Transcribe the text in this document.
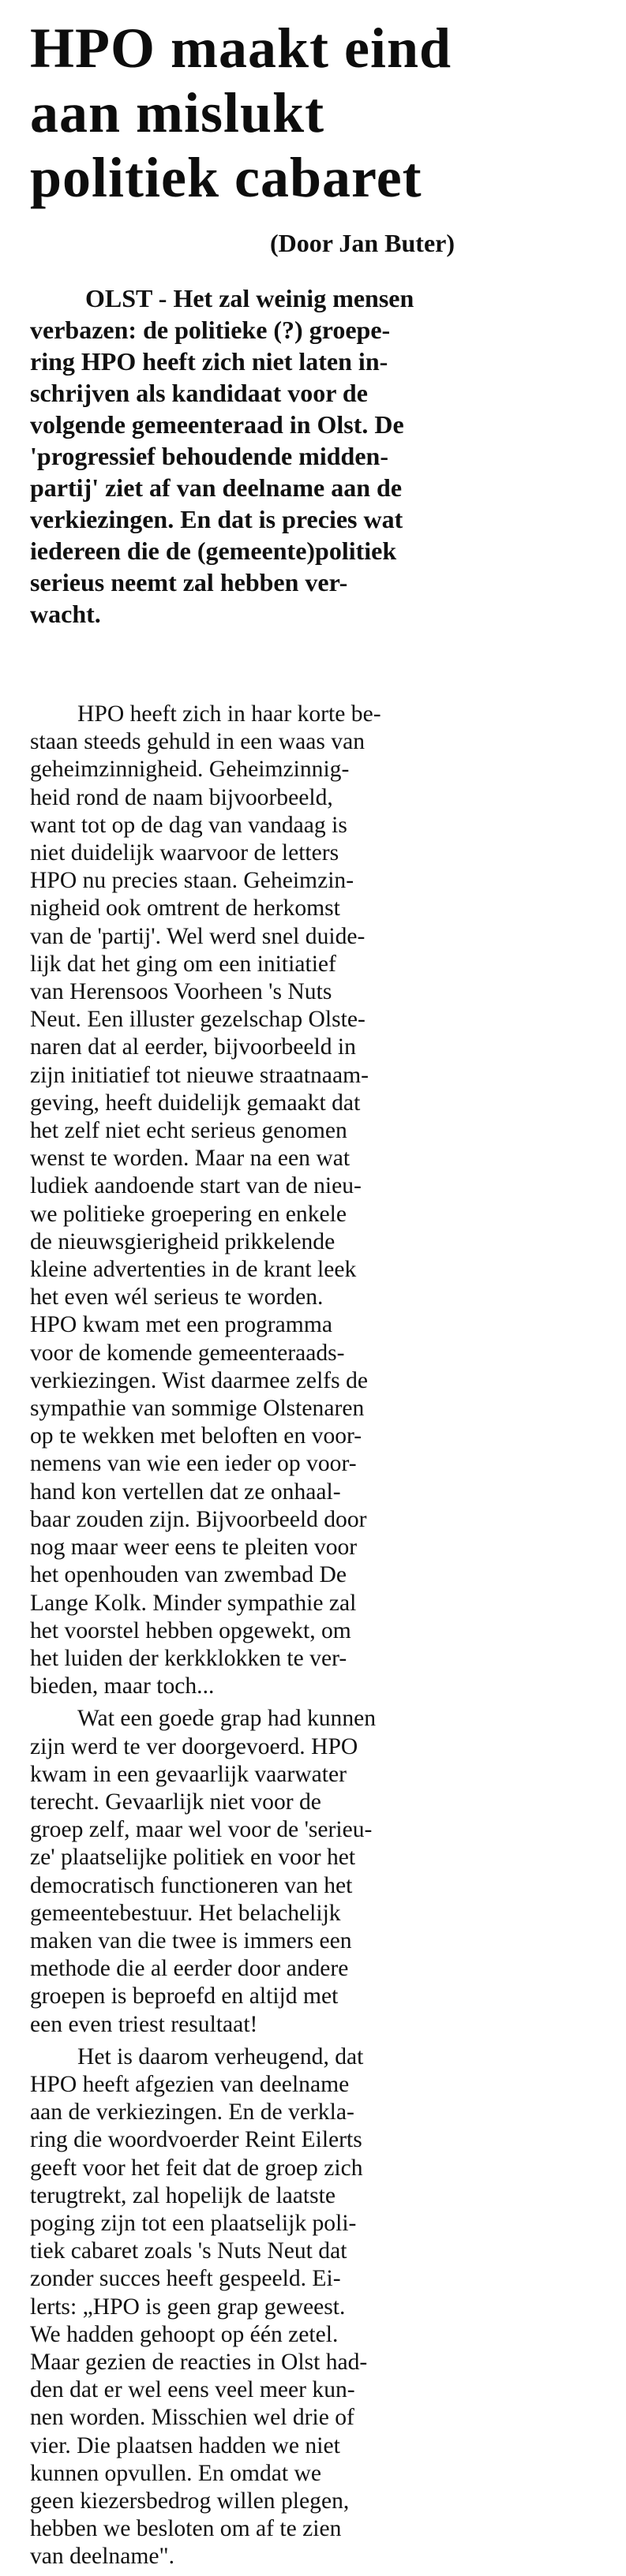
HPO maakt eind
aan mislukt
politiek cabaret
(Door Jan Buter)
OLST - Het zal weinig mensen
verbazen: de politieke (?) groepe-
ring HPO heeft zich niet laten in-
schrijven als kandidaat voor de
volgende gemeenteraad in Olst. De
'progressief behoudende midden-
partij' ziet af van deelname aan de
verkiezingen. En dat is precies wat
iedereen die de (gemeente)politiek
serieus neemt zal hebben ver-
wacht.

HPO heeft zich in haar korte be-
staan steeds gehuld in een waas van
geheimzinnigheid. Geheimzinnig-
heid rond de naam bijvoorbeeld,
want tot op de dag van vandaag is
niet duidelijk waarvoor de letters
HPO nu precies staan. Geheimzin-
nigheid ook omtrent de herkomst
van de 'partij'. Wel werd snel duide-
lijk dat het ging om een initiatief
van Herensoos Voorheen 's Nuts
Neut. Een illuster gezelschap Olste-
naren dat al eerder, bijvoorbeeld in
zijn initiatief tot nieuwe straatnaam-
geving, heeft duidelijk gemaakt dat
het zelf niet echt serieus genomen
wenst te worden. Maar na een wat
ludiek aandoende start van de nieu-
we politieke groepering en enkele
de nieuwsgierigheid prikkelende
kleine advertenties in de krant leek
het even wél serieus te worden.
HPO kwam met een programma
voor de komende gemeenteraads-
verkiezingen. Wist daarmee zelfs de
sympathie van sommige Olstenaren
op te wekken met beloften en voor-
nemens van wie een ieder op voor-
hand kon vertellen dat ze onhaal-
baar zouden zijn. Bijvoorbeeld door
nog maar weer eens te pleiten voor
het openhouden van zwembad De
Lange Kolk. Minder sympathie zal
het voorstel hebben opgewekt, om
het luiden der kerkklokken te ver-
bieden, maar toch...

Wat een goede grap had kunnen
zijn werd te ver doorgevoerd. HPO
kwam in een gevaarlijk vaarwater
terecht. Gevaarlijk niet voor de
groep zelf, maar wel voor de 'serieu-
ze' plaatselijke politiek en voor het
democratisch functioneren van het
gemeentebestuur. Het belachelijk
maken van die twee is immers een
methode die al eerder door andere
groepen is beproefd en altijd met
een even triest resultaat!

Het is daarom verheugend, dat
HPO heeft afgezien van deelname
aan de verkiezingen. En de verkla-
ring die woordvoerder Reint Eilerts
geeft voor het feit dat de groep zich
terugtrekt, zal hopelijk de laatste
poging zijn tot een plaatselijk poli-
tiek cabaret zoals 's Nuts Neut dat
zonder succes heeft gespeeld. Ei-
lerts: „HPO is geen grap geweest.
We hadden gehoopt op één zetel.
Maar gezien de reacties in Olst had-
den dat er wel eens veel meer kun-
nen worden. Misschien wel drie of
vier. Die plaatsen hadden we niet
kunnen opvullen. En omdat we
geen kiezersbedrog willen plegen,
hebben we besloten om af te zien
van deelname".
